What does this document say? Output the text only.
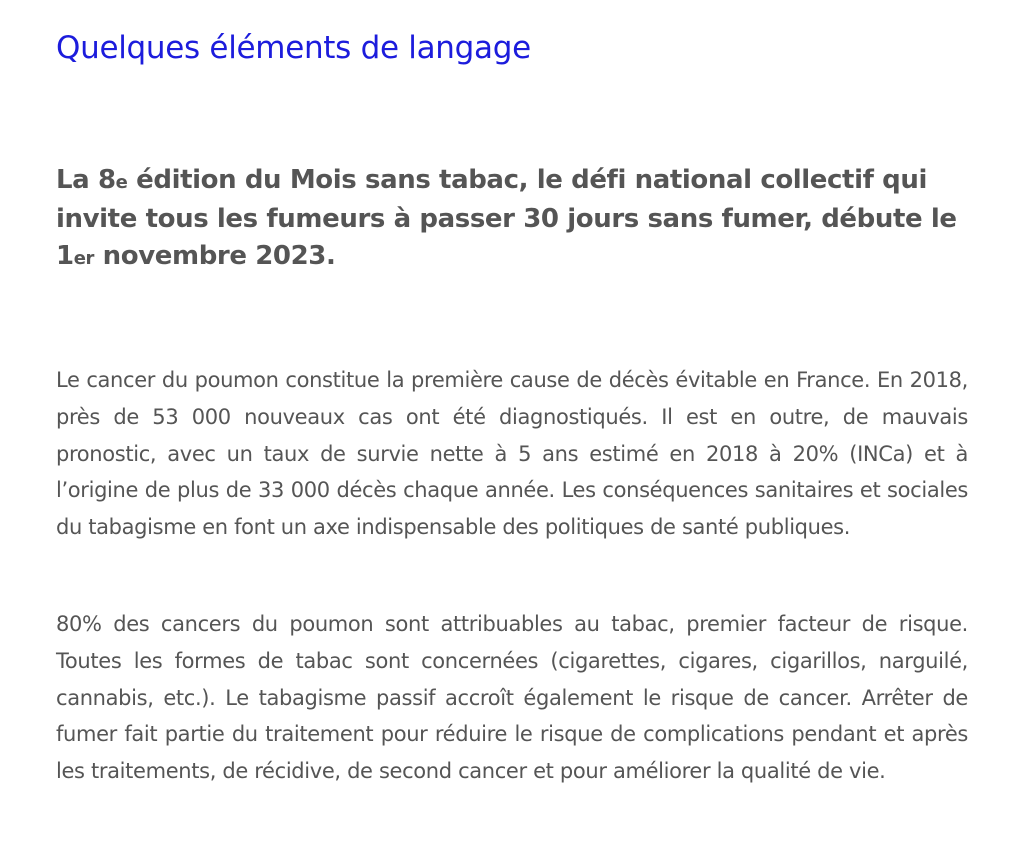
Quelques éléments de langage

La 8e édition du Mois sans tabac, le défi national collectif qui invite tous les fumeurs à passer 30 jours sans fumer, débute le 1er novembre 2023.

Le cancer du poumon constitue la première cause de décès évitable en France. En 2018, près de 53 000 nouveaux cas ont été diagnostiqués. Il est en outre, de mauvais pronostic, avec un taux de survie nette à 5 ans estimé en 2018 à 20% (INCa) et à l’origine de plus de 33 000 décès chaque année. Les conséquences sanitaires et sociales du tabagisme en font un axe indispensable des politiques de santé publiques.

80% des cancers du poumon sont attribuables au tabac, premier facteur de risque. Toutes les formes de tabac sont concernées (cigarettes, cigares, cigarillos, narguilé, cannabis, etc.). Le tabagisme passif accroît également le risque de cancer. Arrêter de fumer fait partie du traitement pour réduire le risque de complications pendant et après les traitements, de récidive, de second cancer et pour améliorer la qualité de vie.
